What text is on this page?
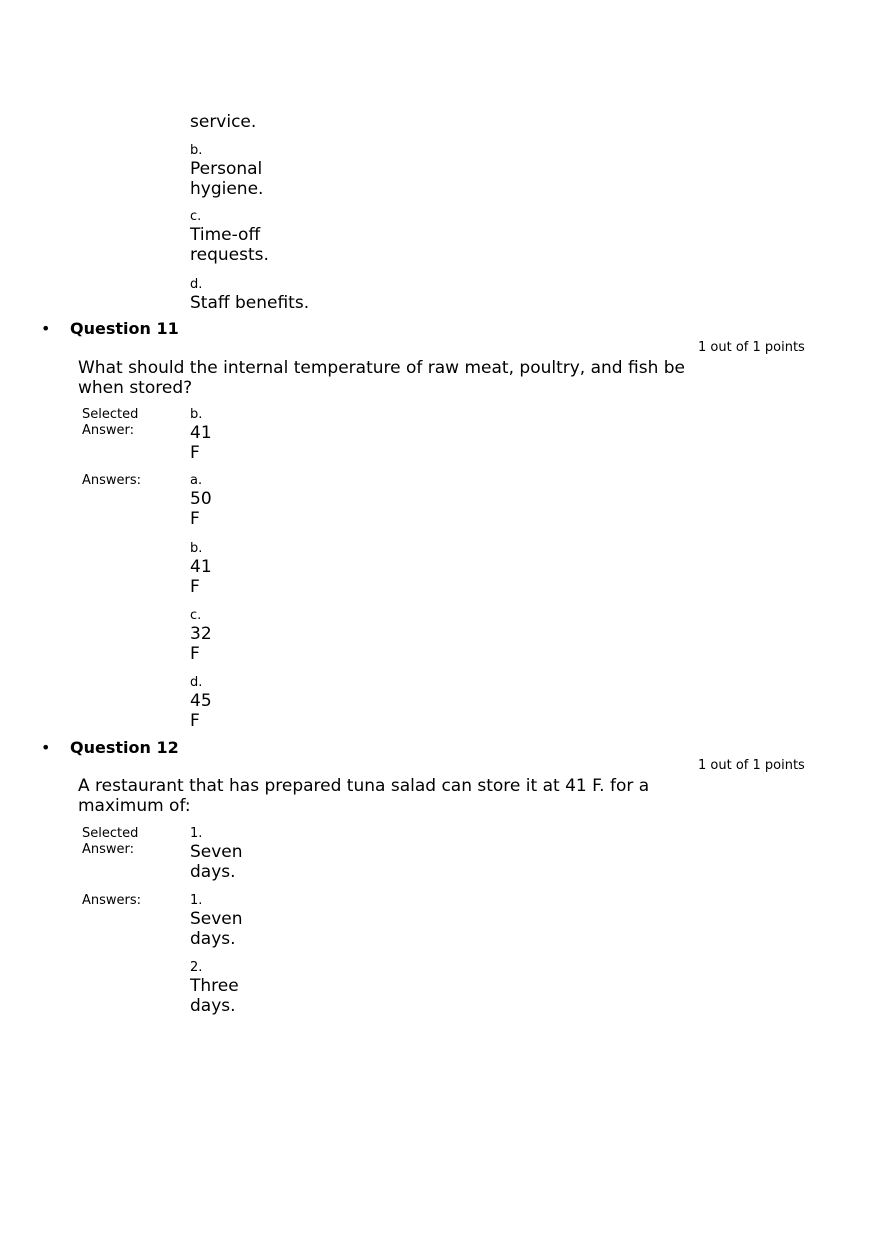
service.
b.
Personal
hygiene.
c.
Time-off
requests.
d.
Staff benefits.
• Question 11
1 out of 1 points
What should the internal temperature of raw meat, poultry, and fish be when stored?
Selected
Answer:
b.
41
F
Answers:	a.
50
F
b.
41
F
c.
32
F
d.
45
F
• Question 12
1 out of 1 points
A restaurant that has prepared tuna salad can store it at 41 F. for a maximum of:
Selected
Answer:
1.
Seven
days.
Answers:	1.
Seven
days.
2.
Three
days.
